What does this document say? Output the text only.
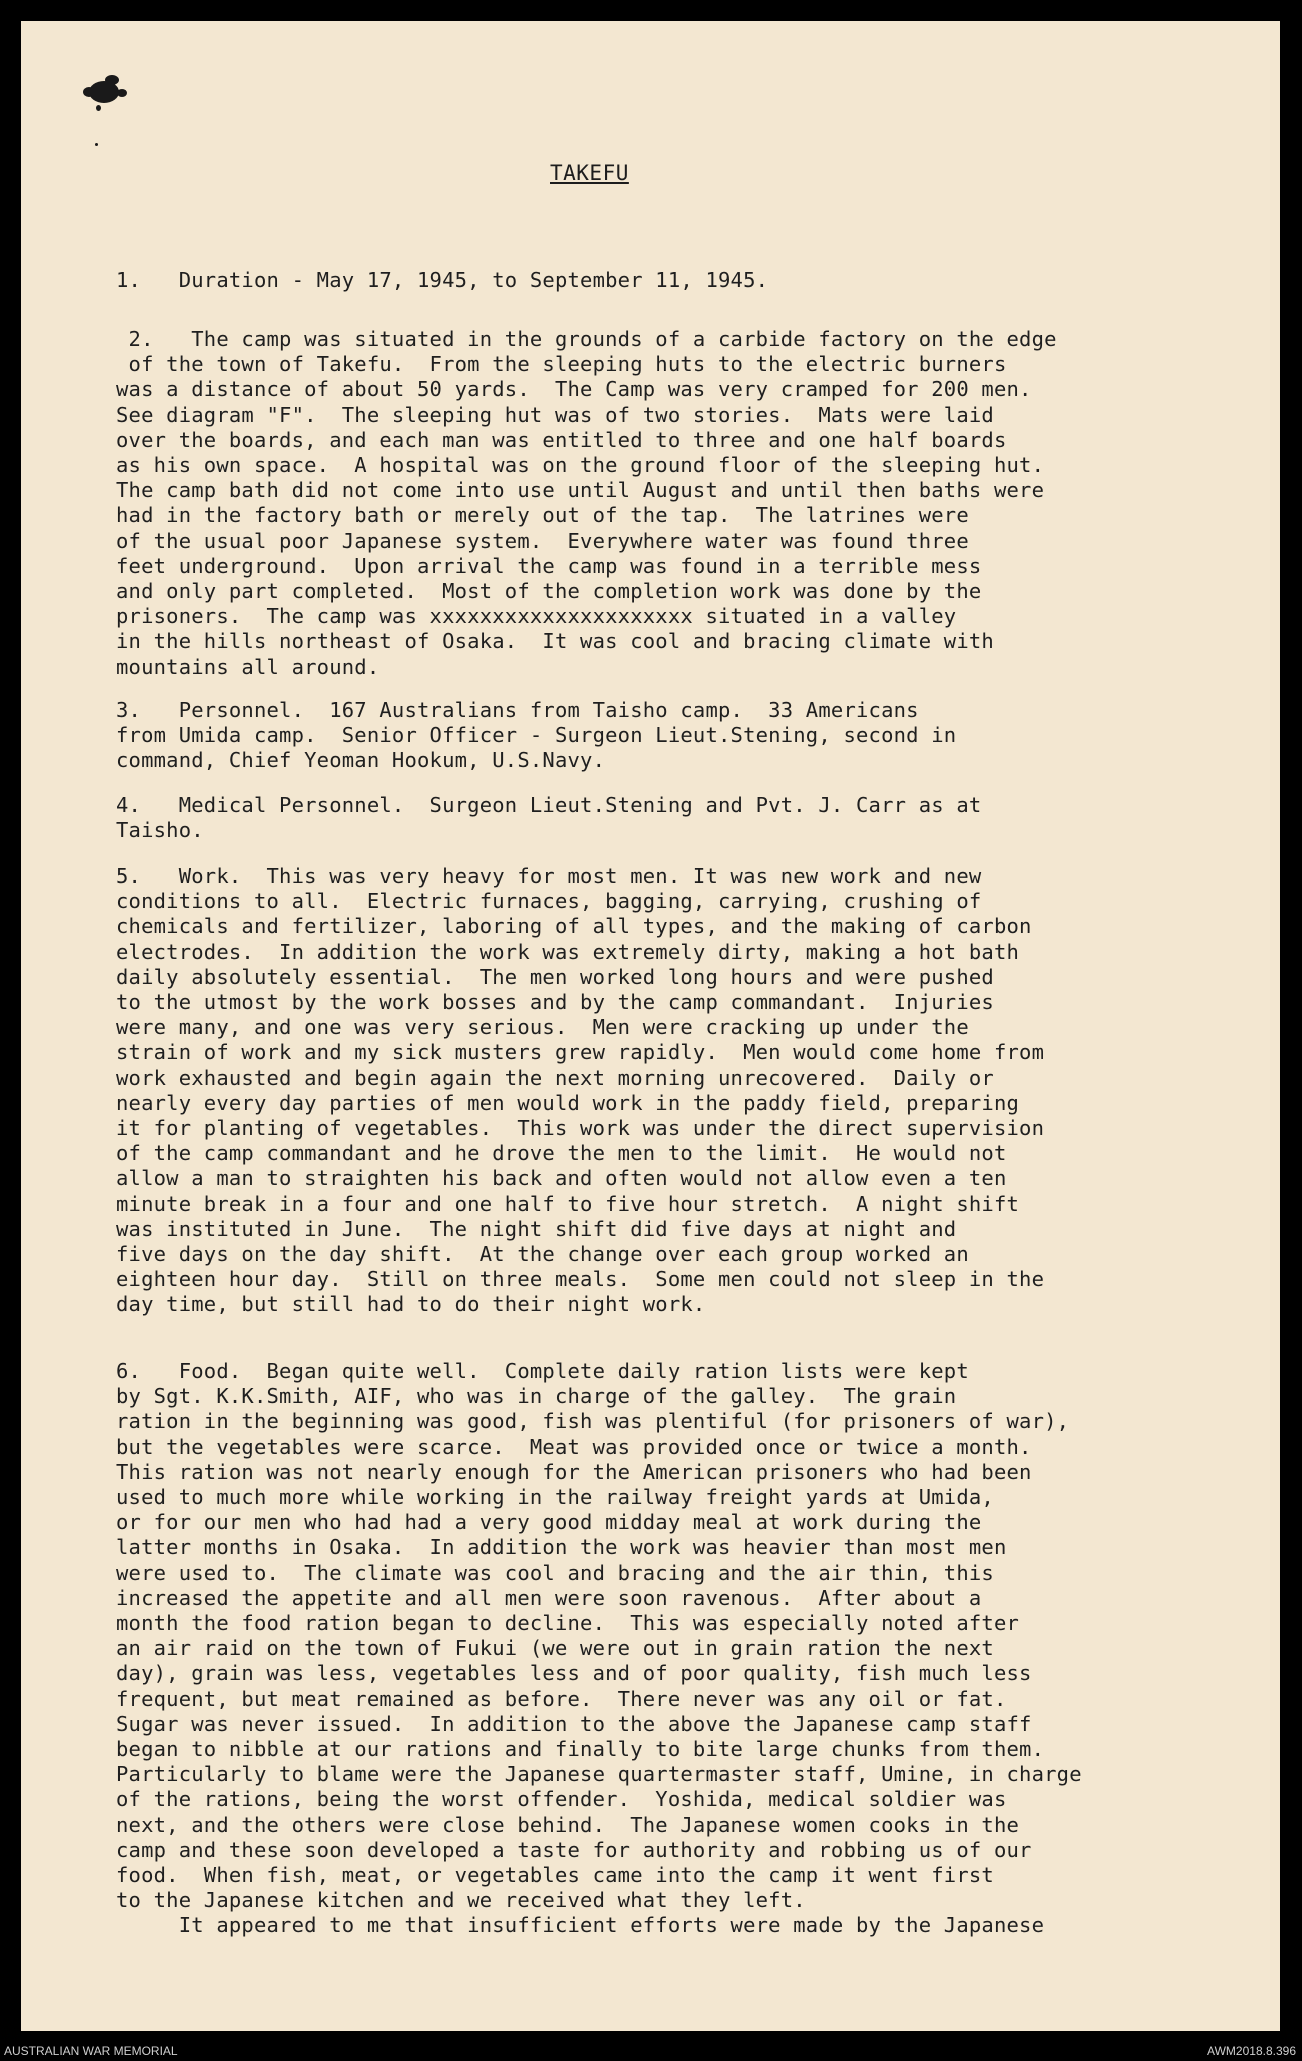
TAKEFU
1.   Duration - May 17, 1945, to September 11, 1945.
2.   The camp was situated in the grounds of a carbide factory on the edge
of the town of Takefu.  From the sleeping huts to the electric burners
was a distance of about 50 yards.  The Camp was very cramped for 200 men.
See diagram "F".  The sleeping hut was of two stories.  Mats were laid
over the boards, and each man was entitled to three and one half boards
as his own space.  A hospital was on the ground floor of the sleeping hut.
The camp bath did not come into use until August and until then baths were
had in the factory bath or merely out of the tap.  The latrines were
of the usual poor Japanese system.  Everywhere water was found three
feet underground.  Upon arrival the camp was found in a terrible mess
and only part completed.  Most of the completion work was done by the
prisoners.  The camp was xxxxxxxxxxxxxxxxxxxxx situated in a valley
in the hills northeast of Osaka.  It was cool and bracing climate with
mountains all around.
3.   Personnel.  167 Australians from Taisho camp.  33 Americans
from Umida camp.  Senior Officer - Surgeon Lieut.Stening, second in
command, Chief Yeoman Hookum, U.S.Navy.
4.   Medical Personnel.  Surgeon Lieut.Stening and Pvt. J. Carr as at
Taisho.
5.   Work.  This was very heavy for most men. It was new work and new
conditions to all.  Electric furnaces, bagging, carrying, crushing of
chemicals and fertilizer, laboring of all types, and the making of carbon
electrodes.  In addition the work was extremely dirty, making a hot bath
daily absolutely essential.  The men worked long hours and were pushed
to the utmost by the work bosses and by the camp commandant.  Injuries
were many, and one was very serious.  Men were cracking up under the
strain of work and my sick musters grew rapidly.  Men would come home from
work exhausted and begin again the next morning unrecovered.  Daily or
nearly every day parties of men would work in the paddy field, preparing
it for planting of vegetables.  This work was under the direct supervision
of the camp commandant and he drove the men to the limit.  He would not
allow a man to straighten his back and often would not allow even a ten
minute break in a four and one half to five hour stretch.  A night shift
was instituted in June.  The night shift did five days at night and
five days on the day shift.  At the change over each group worked an
eighteen hour day.  Still on three meals.  Some men could not sleep in the
day time, but still had to do their night work.
6.   Food.  Began quite well.  Complete daily ration lists were kept
by Sgt. K.K.Smith, AIF, who was in charge of the galley.  The grain
ration in the beginning was good, fish was plentiful (for prisoners of war),
but the vegetables were scarce.  Meat was provided once or twice a month.
This ration was not nearly enough for the American prisoners who had been
used to much more while working in the railway freight yards at Umida,
or for our men who had had a very good midday meal at work during the
latter months in Osaka.  In addition the work was heavier than most men
were used to.  The climate was cool and bracing and the air thin, this
increased the appetite and all men were soon ravenous.  After about a
month the food ration began to decline.  This was especially noted after
an air raid on the town of Fukui (we were out in grain ration the next
day), grain was less, vegetables less and of poor quality, fish much less
frequent, but meat remained as before.  There never was any oil or fat.
Sugar was never issued.  In addition to the above the Japanese camp staff
began to nibble at our rations and finally to bite large chunks from them.
Particularly to blame were the Japanese quartermaster staff, Umine, in charge
of the rations, being the worst offender.  Yoshida, medical soldier was
next, and the others were close behind.  The Japanese women cooks in the
camp and these soon developed a taste for authority and robbing us of our
food.  When fish, meat, or vegetables came into the camp it went first
to the Japanese kitchen and we received what they left.
It appeared to me that insufficient efforts were made by the Japanese
AUSTRALIAN WAR MEMORIAL	AWM2018.8.396
